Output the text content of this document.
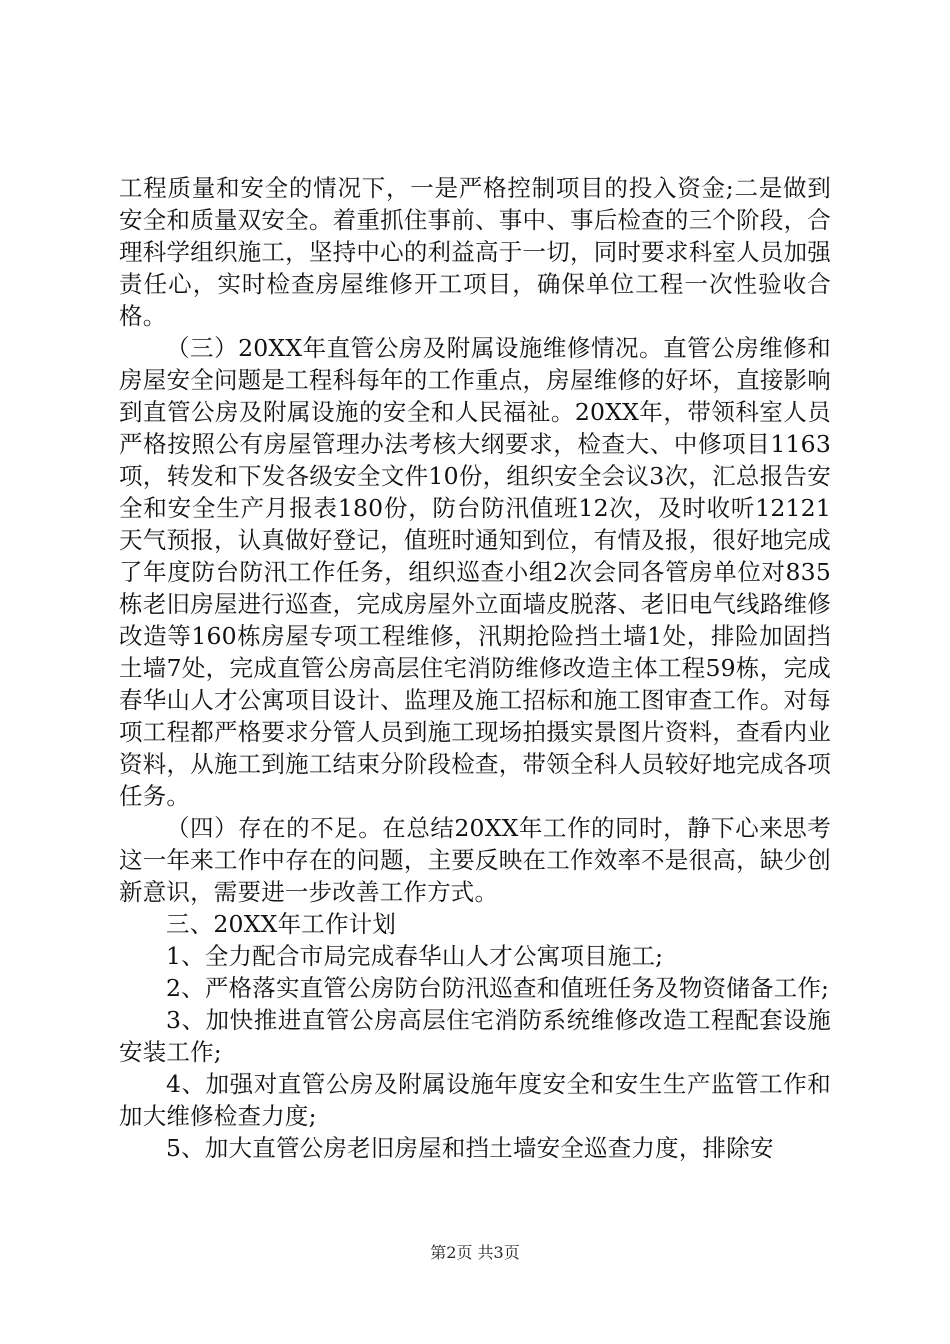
工程质量和安全的情况下，一是严格控制项目的投入资金;二是做到安全和质量双安全。着重抓住事前、事中、事后检查的三个阶段，合理科学组织施工，坚持中心的利益高于一切，同时要求科室人员加强责任心，实时检查房屋维修开工项目，确保单位工程一次性验收合格。

（三）20XX年直管公房及附属设施维修情况。直管公房维修和房屋安全问题是工程科每年的工作重点，房屋维修的好坏，直接影响到直管公房及附属设施的安全和人民福祉。20XX年，带领科室人员严格按照公有房屋管理办法考核大纲要求，检查大、中修项目1163项，转发和下发各级安全文件10份，组织安全会议3次，汇总报告安全和安全生产月报表180份，防台防汛值班12次，及时收听12121天气预报，认真做好登记，值班时通知到位，有情及报，很好地完成了年度防台防汛工作任务，组织巡查小组2次会同各管房单位对835栋老旧房屋进行巡查，完成房屋外立面墙皮脱落、老旧电气线路维修改造等160栋房屋专项工程维修，汛期抢险挡土墙1处，排险加固挡土墙7处，完成直管公房高层住宅消防维修改造主体工程59栋，完成春华山人才公寓项目设计、监理及施工招标和施工图审查工作。对每项工程都严格要求分管人员到施工现场拍摄实景图片资料，查看内业资料，从施工到施工结束分阶段检查，带领全科人员较好地完成各项任务。

（四）存在的不足。在总结20XX年工作的同时，静下心来思考这一年来工作中存在的问题，主要反映在工作效率不是很高，缺少创新意识，需要进一步改善工作方式。

三、20XX年工作计划

1、全力配合市局完成春华山人才公寓项目施工;

2、严格落实直管公房防台防汛巡查和值班任务及物资储备工作;

3、加快推进直管公房高层住宅消防系统维修改造工程配套设施安装工作;

4、加强对直管公房及附属设施年度安全和安生生产监管工作和加大维修检查力度;

5、加大直管公房老旧房屋和挡土墙安全巡查力度，排除安

第2页 共3页
